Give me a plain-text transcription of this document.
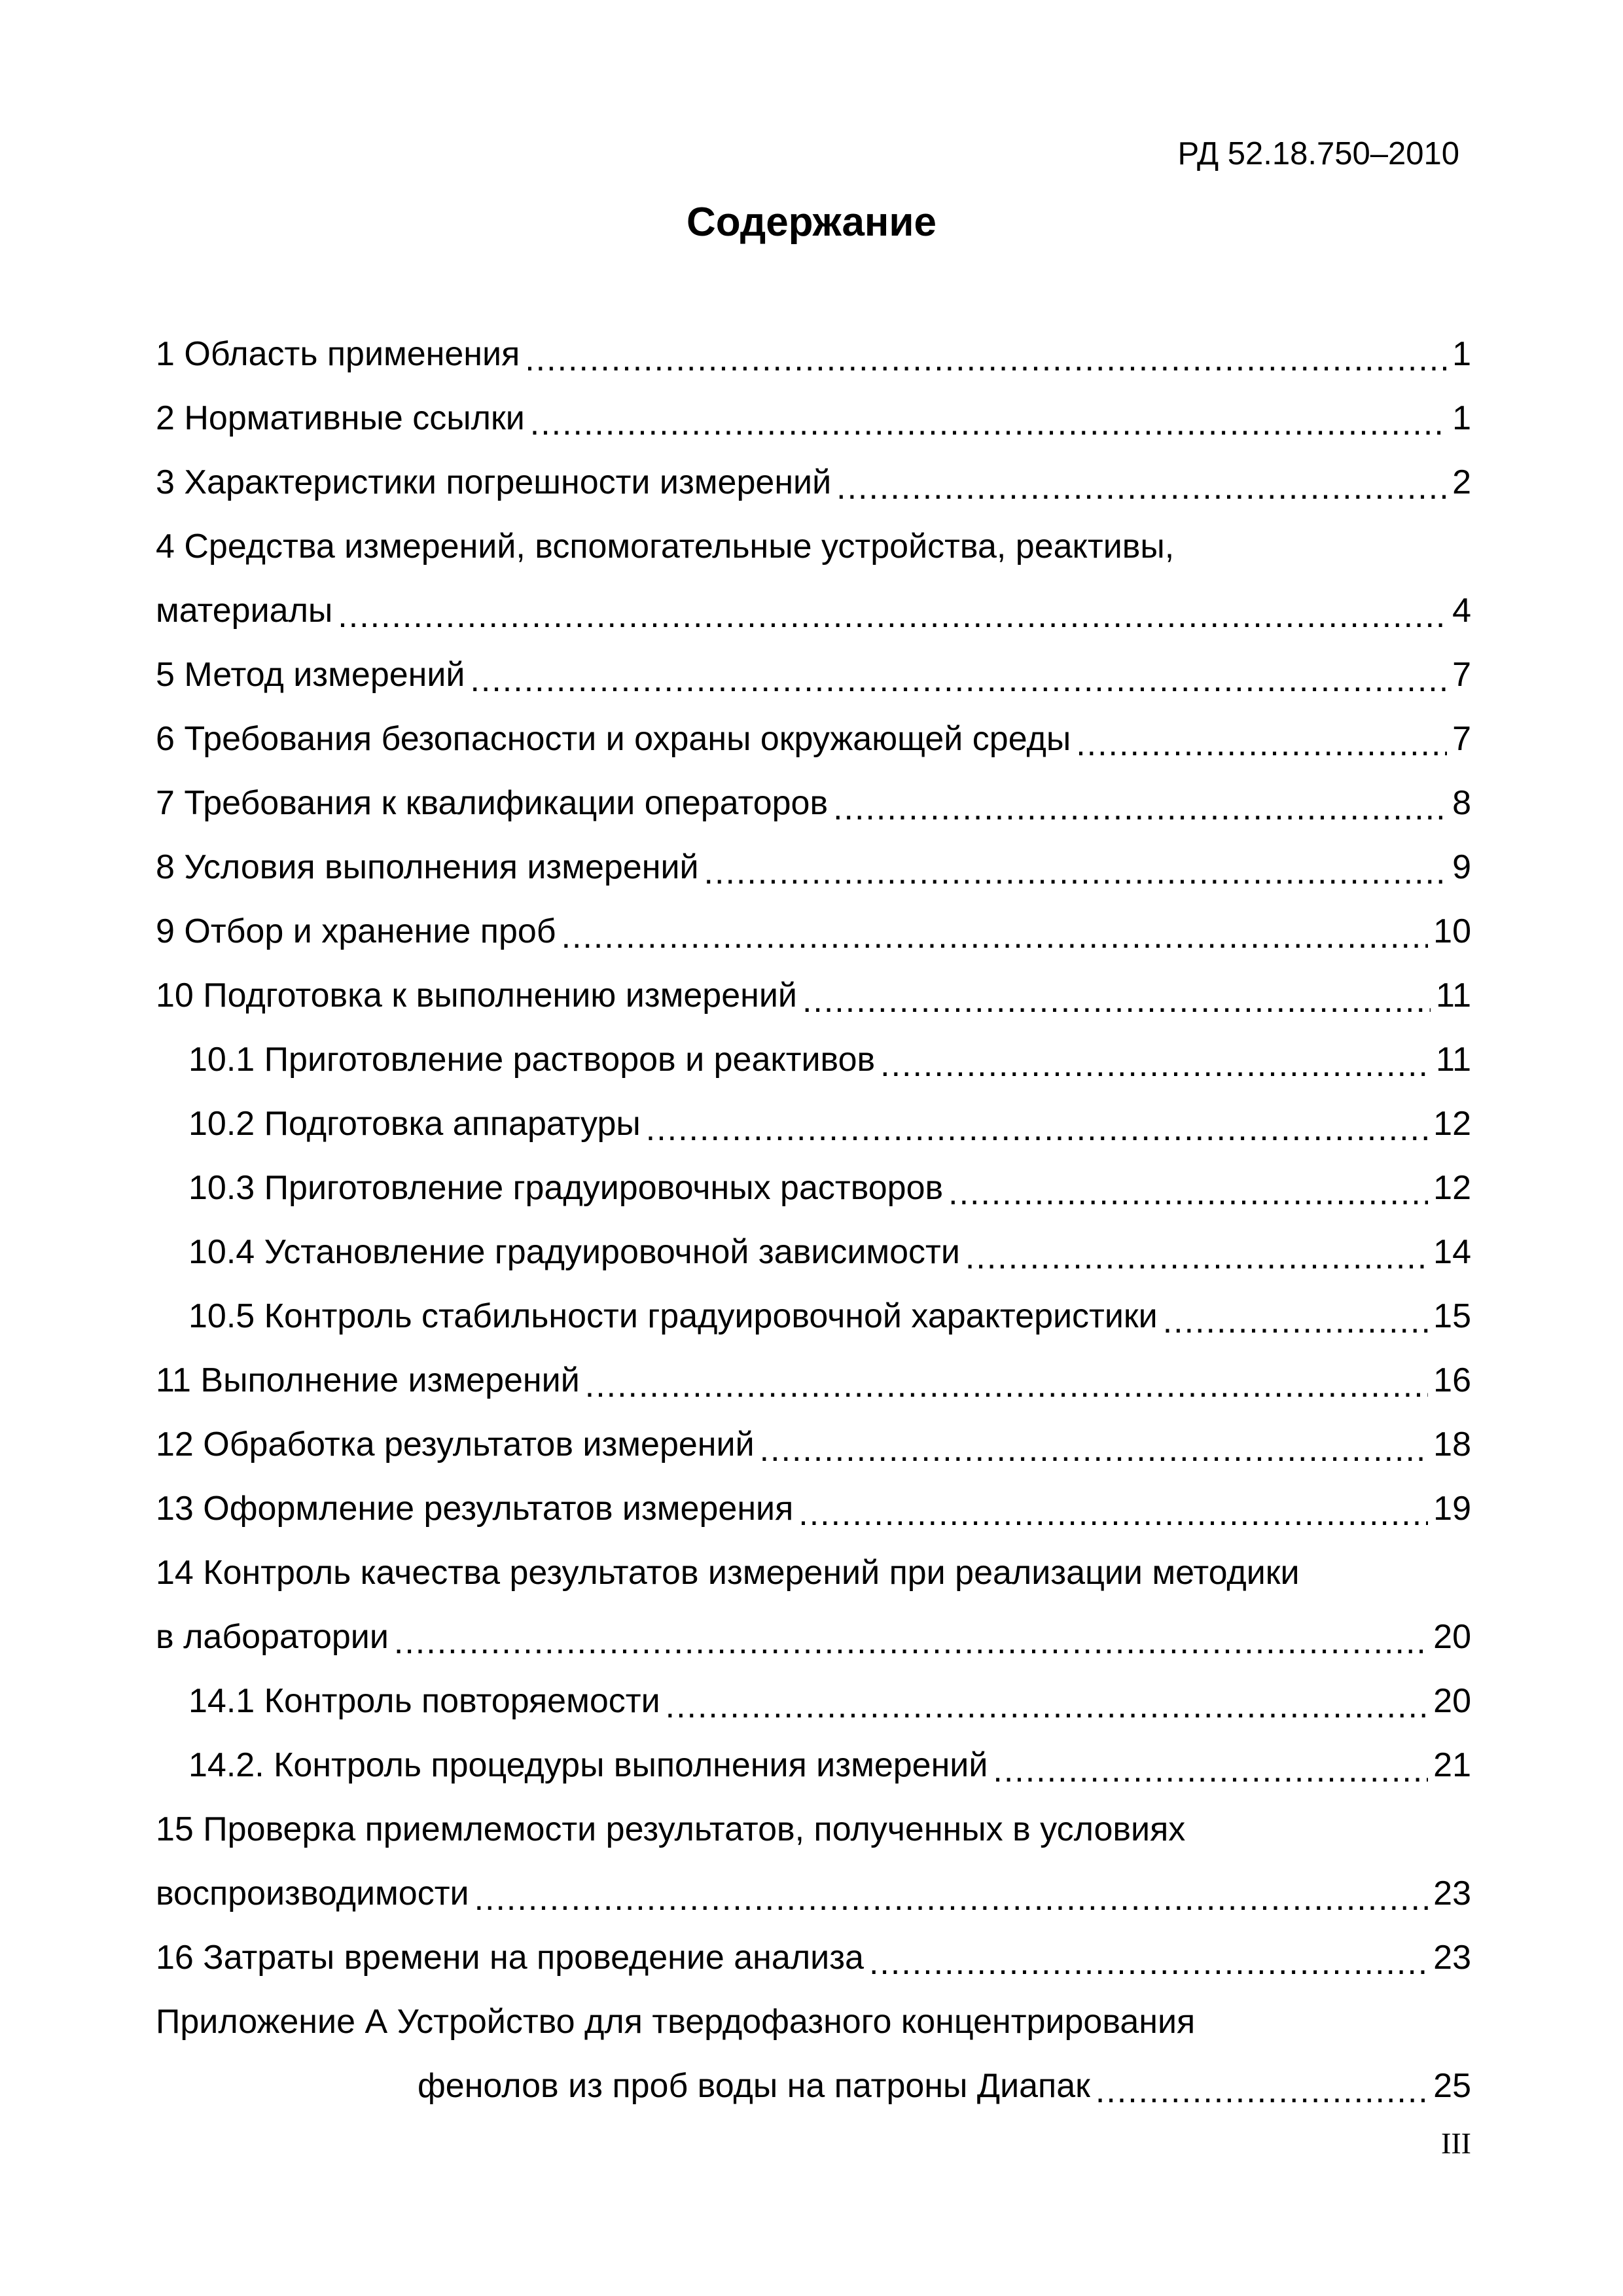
РД 52.18.750–2010
Содержание
1 Область применения .....	1
2 Нормативные ссылки .....	1
3 Характеристики погрешности измерений .....	2
4 Средства измерений, вспомогательные устройства, реактивы,
материалы .....	4
5 Метод измерений .....	7
6 Требования безопасности и охраны окружающей среды .....	7
7 Требования к квалификации операторов .....	8
8 Условия выполнения измерений .....	9
9 Отбор и хранение проб .....	10
10 Подготовка к выполнению измерений .....	11
10.1 Приготовление растворов и реактивов .....	11
10.2 Подготовка аппаратуры .....	12
10.3 Приготовление градуировочных растворов .....	12
10.4 Установление градуировочной зависимости .....	14
10.5 Контроль стабильности градуировочной характеристики .....	15
11 Выполнение измерений .....	16
12 Обработка результатов измерений .....	18
13 Оформление результатов измерения .....	19
14 Контроль качества результатов измерений при реализации методики
в лаборатории .....	20
14.1 Контроль повторяемости .....	20
14.2. Контроль процедуры выполнения измерений .....	21
15 Проверка приемлемости результатов, полученных в условиях
воспроизводимости .....	23
16 Затраты времени на проведение анализа .....	23
Приложение А Устройство для твердофазного концентрирования
фенолов из проб воды на патроны Диапак .....	25
III
